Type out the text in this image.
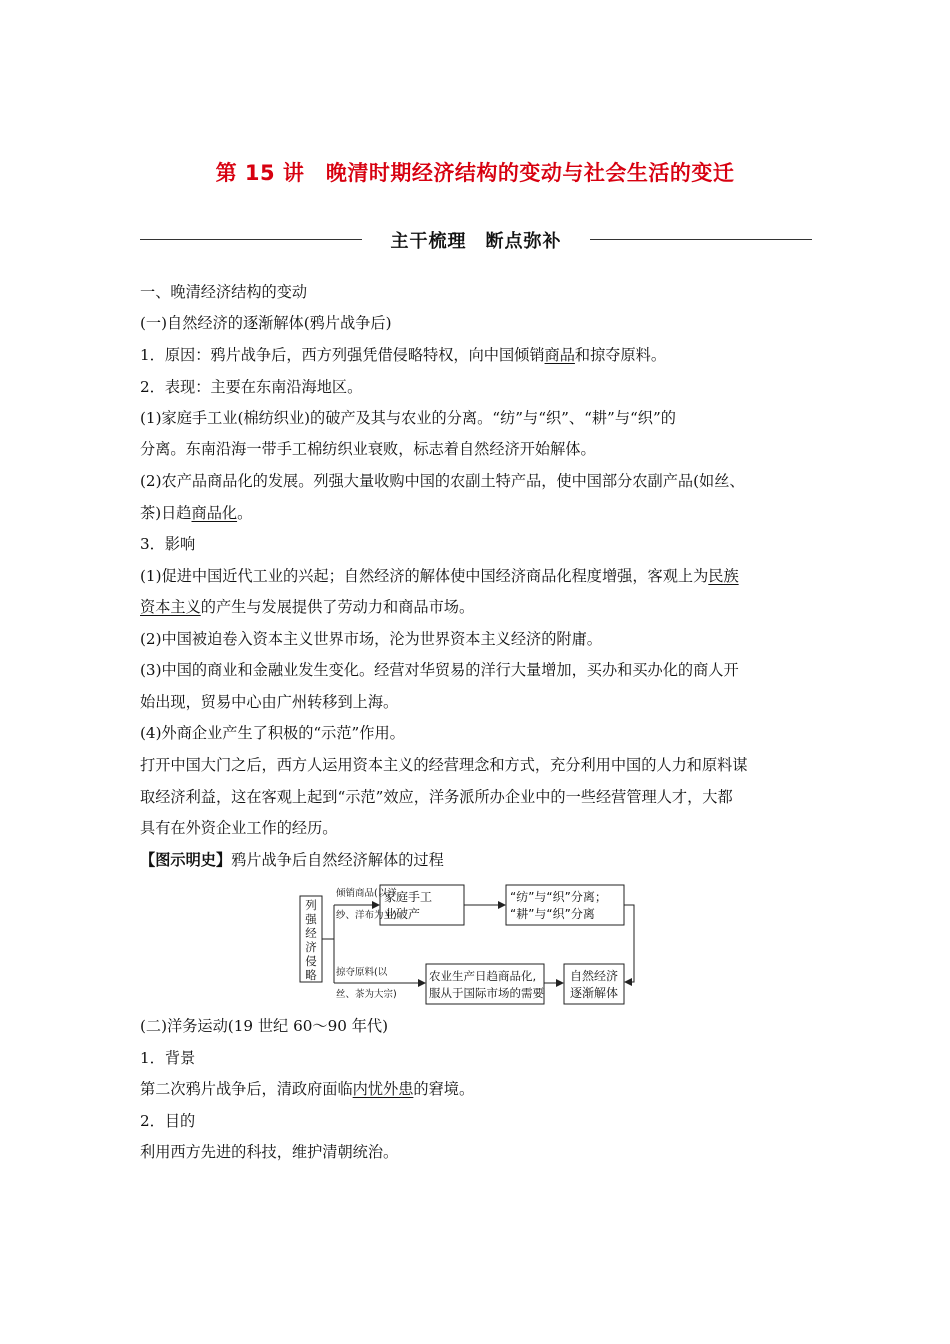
第 15 讲　晚清时期经济结构的变动与社会生活的变迁
主干梳理　断点弥补
一、晚清经济结构的变动
(一)自然经济的逐渐解体(鸦片战争后)
1．原因：鸦片战争后，西方列强凭借侵略特权，向中国倾销商品和掠夺原料。
2．表现：主要在东南沿海地区。
(1)家庭手工业(棉纺织业)的破产及其与农业的分离。“纺”与“织”、“耕”与“织”的
分离。东南沿海一带手工棉纺织业衰败，标志着自然经济开始解体。
(2)农产品商品化的发展。列强大量收购中国的农副土特产品，使中国部分农副产品(如丝、
茶)日趋商品化。
3．影响
(1)促进中国近代工业的兴起；自然经济的解体使中国经济商品化程度增强，客观上为民族
资本主义的产生与发展提供了劳动力和商品市场。
(2)中国被迫卷入资本主义世界市场，沦为世界资本主义经济的附庸。
(3)中国的商业和金融业发生变化。经营对华贸易的洋行大量增加，买办和买办化的商人开
始出现，贸易中心由广州转移到上海。
(4)外商企业产生了积极的“示范”作用。
打开中国大门之后，西方人运用资本主义的经营理念和方式，充分利用中国的人力和原料谋
取经济利益，这在客观上起到“示范”效应，洋务派所办企业中的一些经营管理人才，大都
具有在外资企业工作的经历。
【图示明史】鸦片战争后自然经济解体的过程
列
强
经
济
侵
略
倾销商品(以洋
纱、洋布为主)
掠夺原料(以
丝、茶为大宗)
家庭手工
业破产
“纺”与“织”分离；
“耕”与“织”分离
农业生产日趋商品化,
服从于国际市场的需要
自然经济
逐渐解体
(二)洋务运动(19 世纪 60～90 年代)
1．背景
第二次鸦片战争后，清政府面临内忧外患的窘境。
2．目的
利用西方先进的科技，维护清朝统治。
